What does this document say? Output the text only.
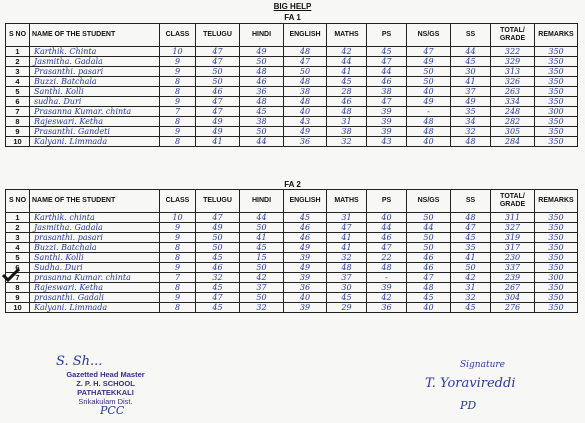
BIG HELP
FA 1
S NO	NAME OF THE STUDENT	CLASS	TELUGU	HINDI	ENGLISH	MATHS	PS	NS/GS	SS	TOTAL/ GRADE	REMARKS
1	Karthik. Chinta	10	47	49	48	42	45	47	44	322	350
2	Jasmitha. Gadala	9	47	50	47	44	47	49	45	329	350
3	Prasanthi. pasari	9	50	48	50	41	44	50	30	313	350
4	Buzzi. Batchala	8	50	46	48	45	46	50	41	326	350
5	Santhi. Kolli	8	46	36	38	28	38	40	37	263	350
6	sudha. Duri	9	47	48	48	46	47	49	49	334	350
7	Prasanna Kumar. chinta	7	47	45	40	48	39	-	35	248	300
8	Rajeswari. Ketha	8	49	38	43	31	39	48	34	282	350
9	Prasanthi. Gandeti	9	49	50	49	38	39	48	32	305	350
10	Kalyani. Limmada	8	41	44	36	32	43	40	48	284	350
FA 2
S NO	NAME OF THE STUDENT	CLASS	TELUGU	HINDI	ENGLISH	MATHS	PS	NS/GS	SS	TOTAL/ GRADE	REMARKS
1	Karthik. chinta	10	47	44	45	31	40	50	48	311	350
2	Jasmitha. Gadala	9	49	50	46	47	44	44	47	327	350
3	prasanthi. pasari	9	50	41	46	41	46	50	45	319	350
4	Buzzi. Batchala	8	50	45	49	41	47	50	35	317	350
5	Santhi. Kolli	8	45	15	39	32	22	46	41	230	350
6	Sudha. Duri	9	46	50	49	48	48	46	50	337	350
7	prasanna Kumar. chinta	7	32	42	39	37	-	47	42	239	300
8	Rajeswari. Ketha	8	45	37	36	30	39	48	31	267	350
9	prasanthi. Gadali	9	47	50	40	45	42	45	32	304	350
10	Kalyani. Limmada	8	45	32	39	29	36	40	45	276	350
S. Sh...
Gazetted Head Master
Z. P. H. SCHOOL
PATHATEKKALI
Srikakulam Dist.
PCC
Signature
T. Yoravireddi
PD
